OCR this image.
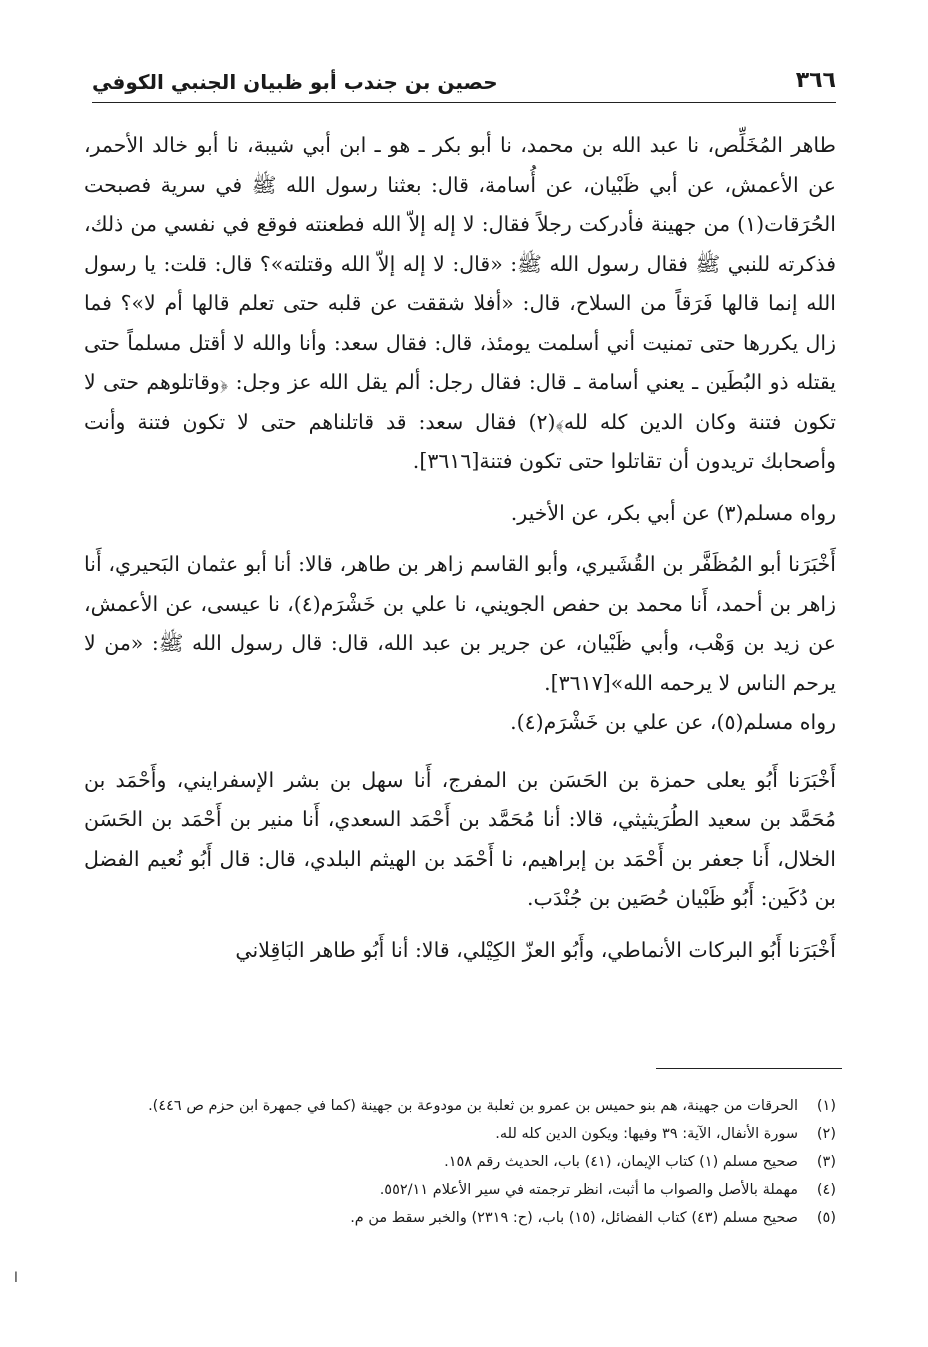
٣٦٦
حصين بن جندب أبو ظبيان الجنبي الكوفي

طاهر المُخَلِّص، نا عبد الله بن محمد، نا أبو بكر ـ هو ـ ابن أبي شيبة، نا أبو خالد الأحمر، عن الأعمش، عن أبي ظَبْيان، عن أُسامة، قال: بعثنا رسول الله ﷺ في سرية فصبحت الحُرَقات(١) من جهينة فأدركت رجلاً فقال: لا إله إلاّ الله فطعنته فوقع في نفسي من ذلك، فذكرته للنبي ﷺ فقال رسول الله ﷺ: «قال: لا إله إلاّ الله وقتلته»؟ قال: قلت: يا رسول الله إنما قالها فَرَقاً من السلاح، قال: «أفلا شققت عن قلبه حتى تعلم قالها أم لا»؟ فما زال يكررها حتى تمنيت أني أسلمت يومئذ، قال: فقال سعد: وأنا والله لا أقتل مسلماً حتى يقتله ذو البُطَين ـ يعني أسامة ـ قال: فقال رجل: ألم يقل الله عز وجل: ﴿وقاتلوهم حتى لا تكون فتنة وكان الدين كله لله﴾(٢) فقال سعد: قد قاتلناهم حتى لا تكون فتنة وأنت وأصحابك تريدون أن تقاتلوا حتى تكون فتنة[٣٦١٦].

رواه مسلم(٣) عن أبي بكر، عن الأخير.

أَخْبَرَنا أبو المُظَفَّر بن القُشَيري، وأبو القاسم زاهر بن طاهر، قالا: أنا أبو عثمان البَحيري، أَنا زاهر بن أحمد، أَنا محمد بن حفص الجويني، نا علي بن خَشْرَم(٤)، نا عيسى، عن الأعمش، عن زيد بن وَهْب، وأبي ظَبْيان، عن جرير بن عبد الله، قال: قال رسول الله ﷺ: «من لا يرحم الناس لا يرحمه الله»[٣٦١٧].

رواه مسلم(٥)، عن علي بن خَشْرَم(٤).

أَخْبَرَنا أَبُو يعلى حمزة بن الحَسَن بن المفرج، أَنا سهل بن بشر الإسفرايني، وأَحْمَد بن مُحَمَّد بن سعيد الطُرَيثيثي، قالا: أنا مُحَمَّد بن أَحْمَد السعدي، أَنا منير بن أَحْمَد بن الحَسَن الخلال، أَنا جعفر بن أَحْمَد بن إبراهيم، نا أَحْمَد بن الهيثم البلدي، قال: قال أَبُو نُعيم الفضل بن دُكَين: أَبُو ظَبْيان حُصَين بن جُنْدَب.

أَخْبَرَنا أَبُو البركات الأنماطي، وأَبُو العزّ الكِيْلي، قالا: أنا أَبُو طاهر البَاقِلاني

(١)
الحرقات من جهينة، هم بنو حميس بن عمرو بن ثعلبة بن مودوعة بن جهينة (كما في جمهرة ابن حزم ص ٤٤٦).
(٢)
سورة الأنفال، الآية: ٣٩ وفيها: ويكون الدين كله لله.
(٣)
صحيح مسلم (١) كتاب الإيمان، (٤١) باب، الحديث رقم ١٥٨.
(٤)
مهملة بالأصل والصواب ما أثبت، انظر ترجمته في سير الأعلام ٥٥٢/١١.
(٥)
صحيح مسلم (٤٣) كتاب الفضائل، (١٥) باب، (ح: ٢٣١٩) والخبر سقط من م.
ا
